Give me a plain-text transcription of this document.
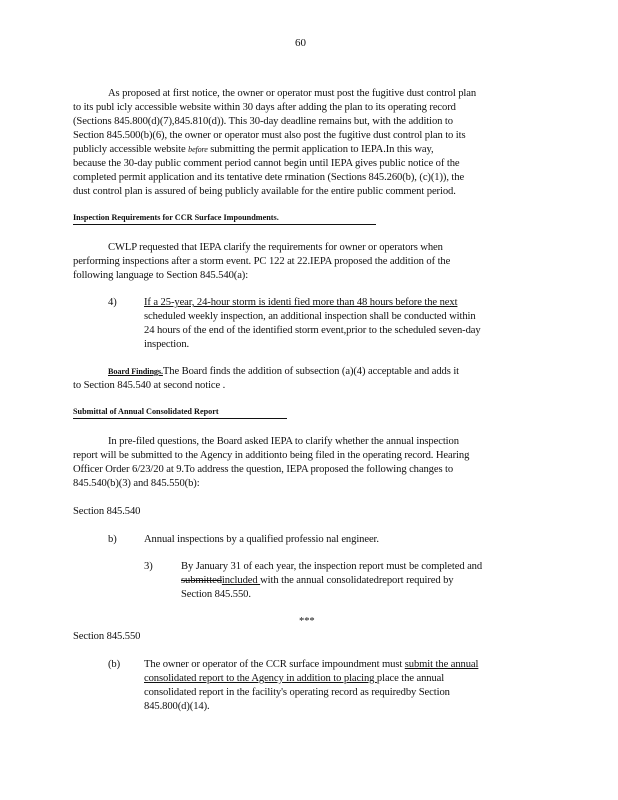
60
As proposed at first notice, the owner or operator must post the fugitive dust control plan
to its publ icly accessible website within 30 days after adding the plan to its operating record
(Sections 845.800(d)(7),845.810(d)). This 30-day deadline remains but, with the addition to
Section 845.500(b)(6), the owner or operator must also post the fugitive dust control plan to its
publicly accessible website before submitting the permit application to IEPA.In this way,
because the 30-day public comment period cannot begin until IEPA gives public notice of the
completed permit application and its tentative dete rmination (Sections 845.260(b), (c)(1)), the
dust control plan is assured of being publicly available for the entire public comment period.
Inspection Requirements for CCR Surface Impoundments.
CWLP requested that IEPA clarify the requirements for owner or operators when
performing inspections after a storm event. PC 122 at 22.IEPA proposed the addition of the
following language to Section 845.540(a):
4)	If a 25-year, 24-hour storm is identi fied more than 48 hours before the next
scheduled weekly inspection, an additional inspection shall be conducted within
24 hours of the end of the identified storm event,prior to the scheduled seven-day
inspection.
Board Findings.The Board finds the addition of subsection (a)(4) acceptable and adds it
to Section 845.540 at second notice .
Submittal of Annual Consolidated Report
In pre-filed questions, the Board asked IEPA to clarify whether the annual inspection
report will be submitted to the Agency in additionto being filed in the operating record. Hearing
Officer Order 6/23/20 at 9.To address the question, IEPA proposed the following changes to
845.540(b)(3) and 845.550(b):
Section 845.540
b)	Annual inspections by a qualified professio nal engineer.
3)	By January 31 of each year, the inspection report must be completed and
submittedincluded with the annual consolidatedreport required by
Section 845.550.
***
Section 845.550
(b) The owner or operator of the CCR surface impoundment must submit the annual
consolidated report to the Agency in addition to placing place the annual
consolidated report in the facility's operating record as requiredby Section
845.800(d)(14).
